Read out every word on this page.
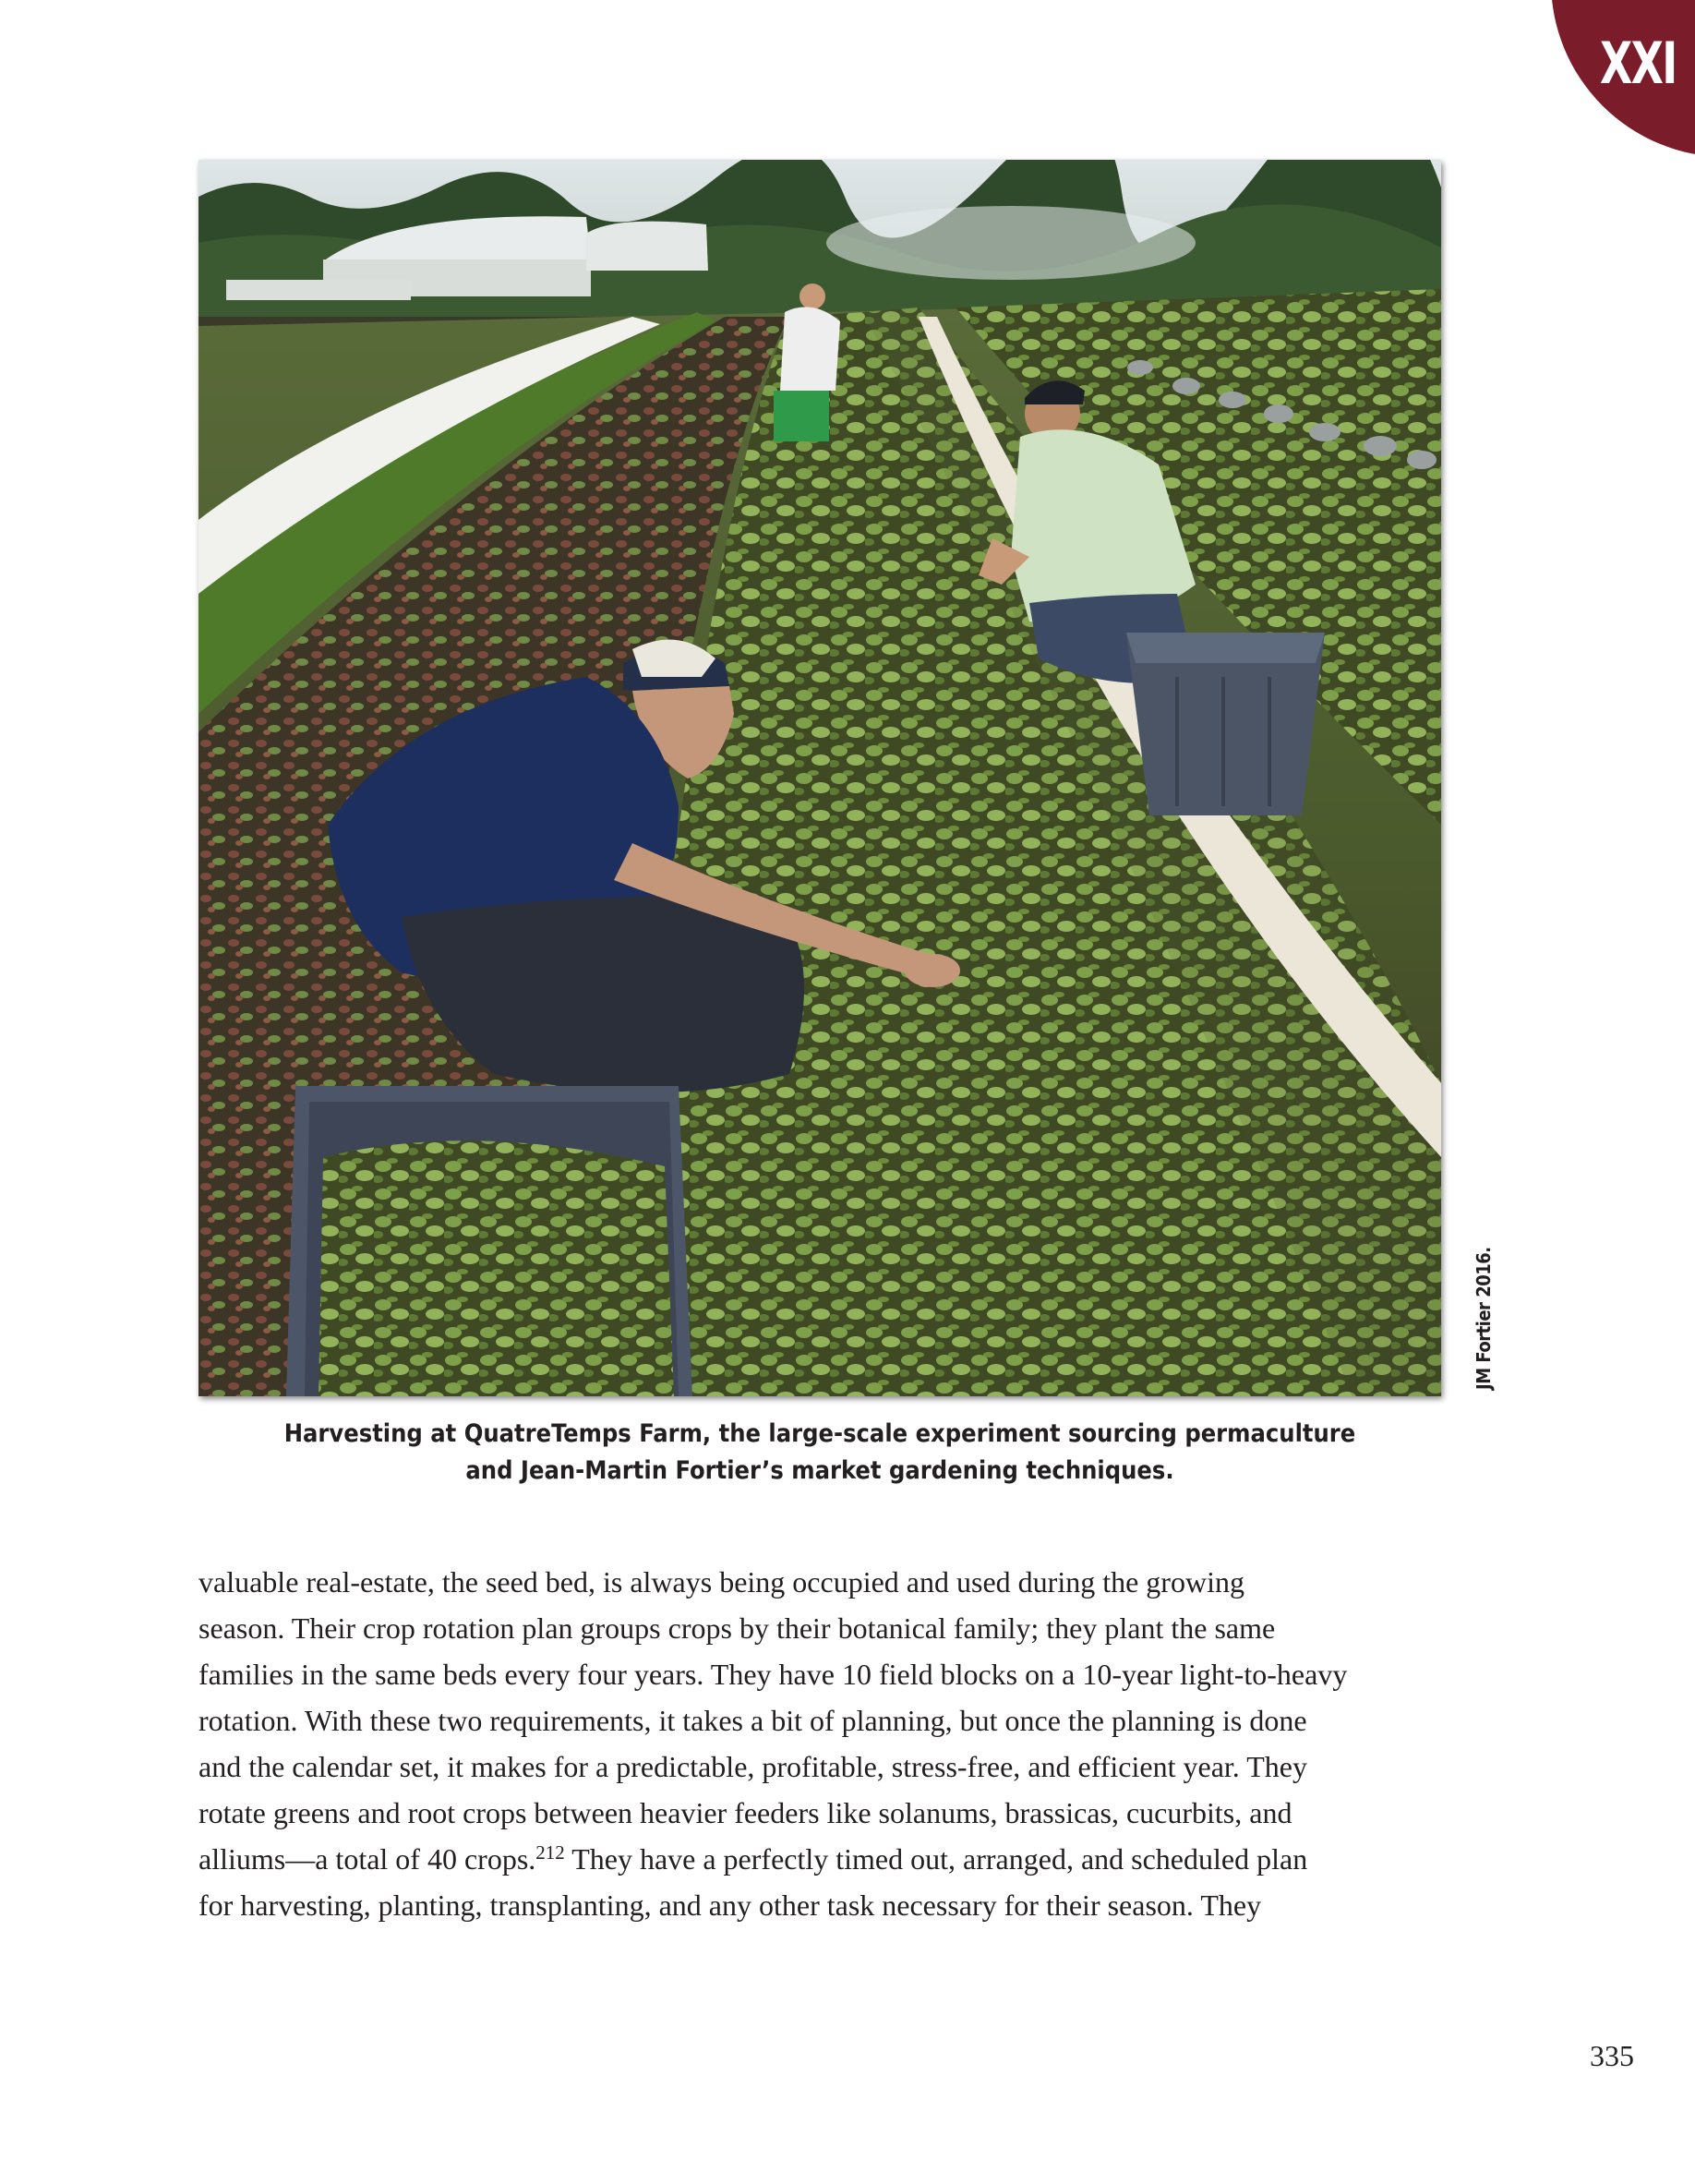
XXI
JM Fortier 2016.
Harvesting at QuatreTemps Farm, the large-scale experiment sourcing permaculture
and Jean-Martin Fortier’s market gardening techniques.
valuable real-estate, the seed bed, is always being occupied and used during the growing
season. Their crop rotation plan groups crops by their botanical family; they plant the same
families in the same beds every four years. They have 10 field blocks on a 10-year light-to-heavy
rotation. With these two requirements, it takes a bit of planning, but once the planning is done
and the calendar set, it makes for a predictable, profitable, stress-free, and efficient year. They
rotate greens and root crops between heavier feeders like solanums, brassicas, cucurbits, and
alliums—a total of 40 crops.$^{212}$ They have a perfectly timed out, arranged, and scheduled plan
for harvesting, planting, transplanting, and any other task necessary for their season. They
335
